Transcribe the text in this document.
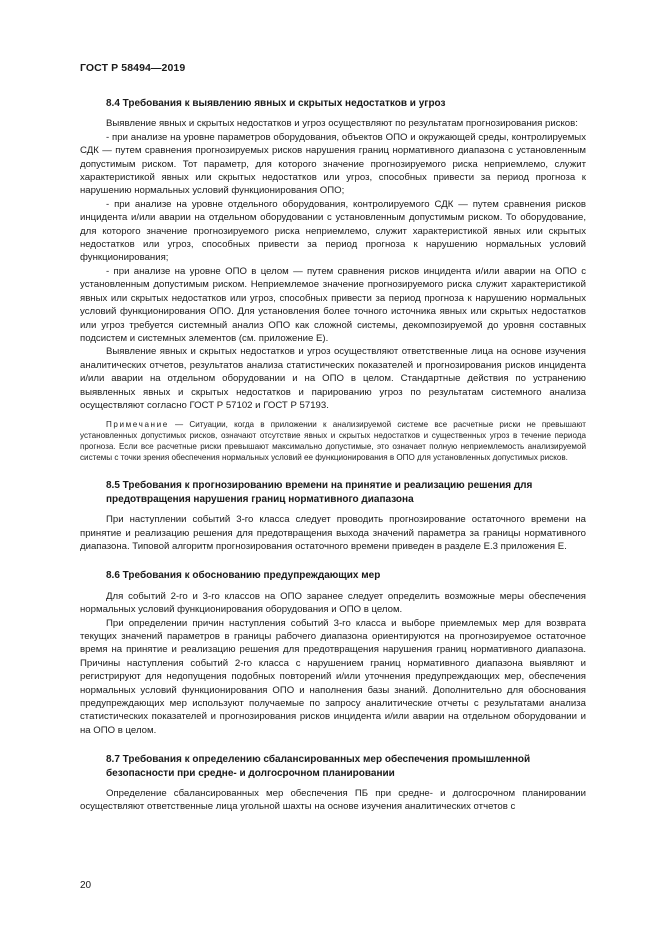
ГОСТ Р 58494—2019
8.4 Требования к выявлению явных и скрытых недостатков и угроз

Выявление явных и скрытых недостатков и угроз осуществляют по результатам прогнозирования рисков:

- при анализе на уровне параметров оборудования, объектов ОПО и окружающей среды, контролируемых СДК — путем сравнения прогнозируемых рисков нарушения границ нормативного диапазона с установленным допустимым риском. Тот параметр, для которого значение прогнозируемого риска неприемлемо, служит характеристикой явных или скрытых недостатков или угроз, способных привести за период прогноза к нарушению нормальных условий функционирования ОПО;

- при анализе на уровне отдельного оборудования, контролируемого СДК — путем сравнения рисков инцидента и/или аварии на отдельном оборудовании с установленным допустимым риском. То оборудование, для которого значение прогнозируемого риска неприемлемо, служит характеристикой явных или скрытых недостатков или угроз, способных привести за период прогноза к нарушению нормальных условий функционирования;

- при анализе на уровне ОПО в целом — путем сравнения рисков инцидента и/или аварии на ОПО с установленным допустимым риском. Неприемлемое значение прогнозируемого риска служит характеристикой явных или скрытых недостатков или угроз, способных привести за период прогноза к нарушению нормальных условий функционирования ОПО. Для установления более точного источника явных или скрытых недостатков или угроз требуется системный анализ ОПО как сложной системы, декомпозируемой до уровня составных подсистем и системных элементов (см. приложение Е).

Выявление явных и скрытых недостатков и угроз осуществляют ответственные лица на основе изучения аналитических отчетов, результатов анализа статистических показателей и прогнозирования рисков инцидента и/или аварии на отдельном оборудовании и на ОПО в целом. Стандартные действия по устранению выявленных явных и скрытых недостатков и парированию угроз по результатам системного анализа осуществляют согласно ГОСТ Р 57102 и ГОСТ Р 57193.

Примечание — Ситуации, когда в приложении к анализируемой системе все расчетные риски не превышают установленных допустимых рисков, означают отсутствие явных и скрытых недостатков и существенных угроз в течение периода прогноза. Если все расчетные риски превышают максимально допустимые, это означает полную неприемлемость анализируемой системы с точки зрения обеспечения нормальных условий ее функционирования в ОПО для установленных допустимых рисков.
8.5 Требования к прогнозированию времени на принятие и реализацию решения для предотвращения нарушения границ нормативного диапазона

При наступлении событий 3-го класса следует проводить прогнозирование остаточного времени на принятие и реализацию решения для предотвращения выхода значений параметра за границы нормативного диапазона. Типовой алгоритм прогнозирования остаточного времени приведен в разделе Е.3 приложения Е.

8.6 Требования к обоснованию предупреждающих мер

Для событий 2-го и 3-го классов на ОПО заранее следует определить возможные меры обеспечения нормальных условий функционирования оборудования и ОПО в целом.

При определении причин наступления событий 3-го класса и выборе приемлемых мер для возврата текущих значений параметров в границы рабочего диапазона ориентируются на прогнозируемое остаточное время на принятие и реализацию решения для предотвращения нарушения границ нормативного диапазона. Причины наступления событий 2-го класса с нарушением границ нормативного диапазона выявляют и регистрируют для недопущения подобных повторений и/или уточнения предупреждающих мер, обеспечения нормальных условий функционирования ОПО и наполнения базы знаний. Дополнительно для обоснования предупреждающих мер используют получаемые по запросу аналитические отчеты с результатами анализа статистических показателей и прогнозирования рисков инцидента и/или аварии на отдельном оборудовании и на ОПО в целом.

8.7 Требования к определению сбалансированных мер обеспечения промышленной безопасности при средне- и долгосрочном планировании

Определение сбалансированных мер обеспечения ПБ при средне- и долгосрочном планировании осуществляют ответственные лица угольной шахты на основе изучения аналитических отчетов с

20
